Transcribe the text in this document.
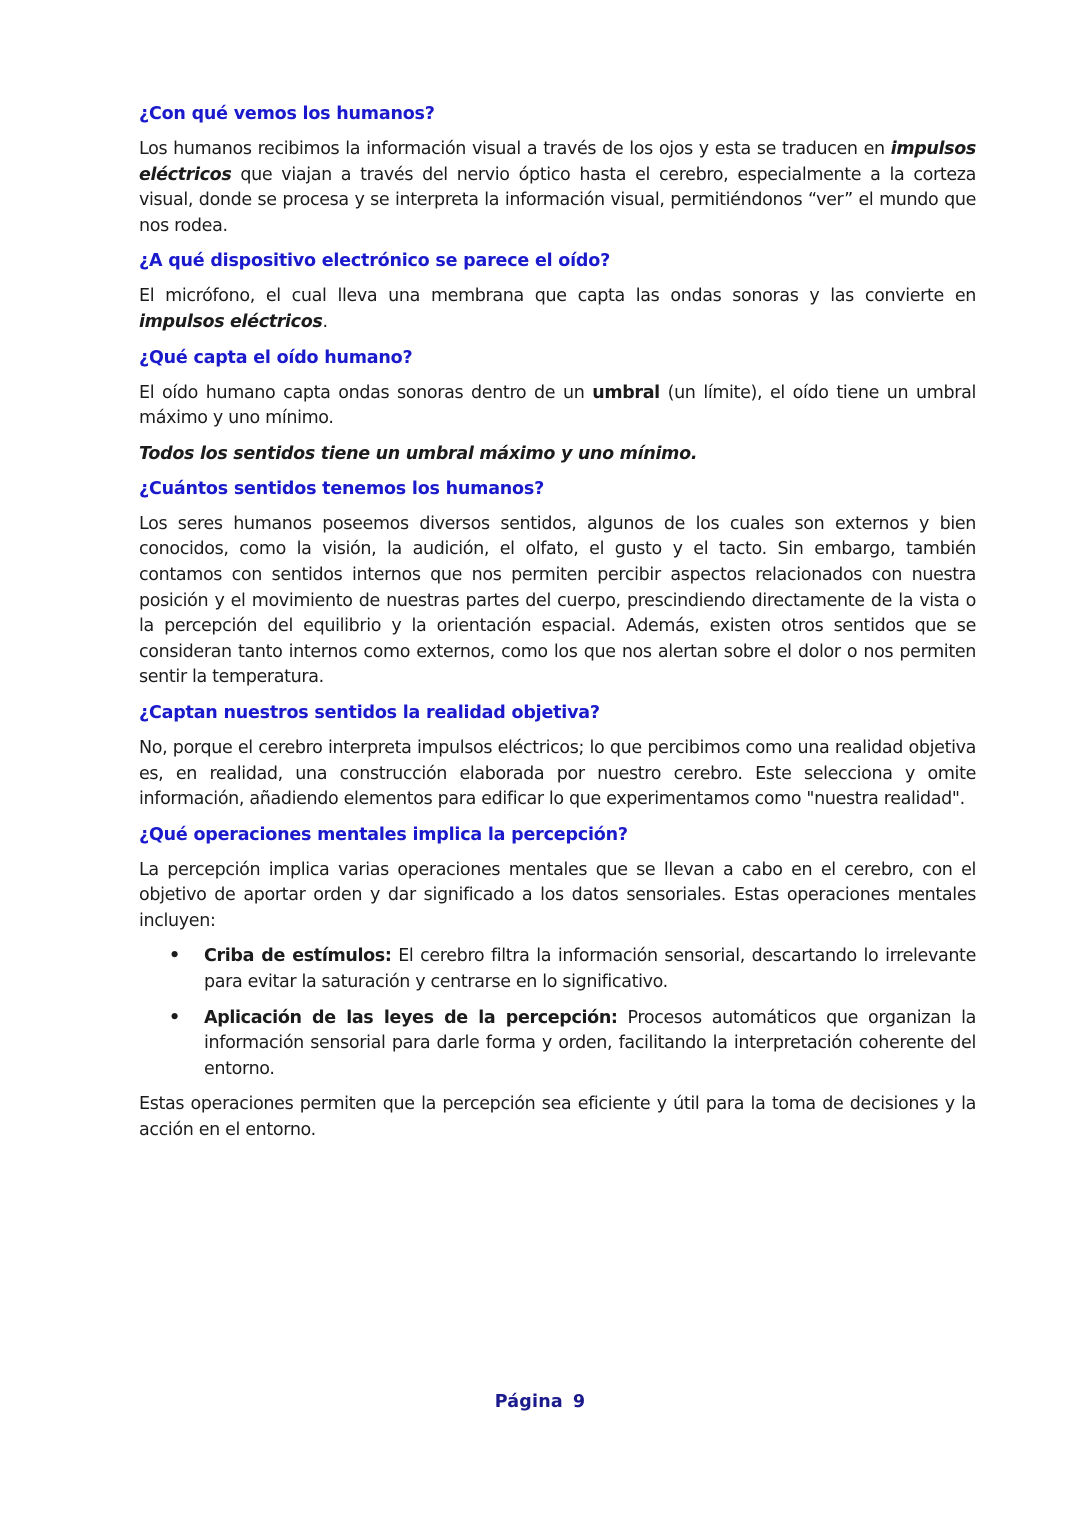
¿Con qué vemos los humanos?
Los humanos recibimos la información visual a través de los ojos y esta se traducen en impulsos eléctricos que viajan a través del nervio óptico hasta el cerebro, especialmente a la corteza visual, donde se procesa y se interpreta la información visual, permitiéndonos “ver” el mundo que nos rodea.
¿A qué dispositivo electrónico se parece el oído?
El micrófono, el cual lleva una membrana que capta las ondas sonoras y las convierte en impulsos eléctricos.
¿Qué capta el oído humano?
El oído humano capta ondas sonoras dentro de un umbral (un límite), el oído tiene un umbral máximo y uno mínimo.
Todos los sentidos tiene un umbral máximo y uno mínimo.
¿Cuántos sentidos tenemos los humanos?
Los seres humanos poseemos diversos sentidos, algunos de los cuales son externos y bien conocidos, como la visión, la audición, el olfato, el gusto y el tacto. Sin embargo, también contamos con sentidos internos que nos permiten percibir aspectos relacionados con nuestra posición y el movimiento de nuestras partes del cuerpo, prescindiendo directamente de la vista o la percepción del equilibrio y la orientación espacial. Además, existen otros sentidos que se consideran tanto internos como externos, como los que nos alertan sobre el dolor o nos permiten sentir la temperatura.
¿Captan nuestros sentidos la realidad objetiva?
No, porque el cerebro interpreta impulsos eléctricos; lo que percibimos como una realidad objetiva es, en realidad, una construcción elaborada por nuestro cerebro. Este selecciona y omite información, añadiendo elementos para edificar lo que experimentamos como "nuestra realidad".
¿Qué operaciones mentales implica la percepción?
La percepción implica varias operaciones mentales que se llevan a cabo en el cerebro, con el objetivo de aportar orden y dar significado a los datos sensoriales. Estas operaciones mentales incluyen:
• Criba de estímulos: El cerebro filtra la información sensorial, descartando lo irrelevante para evitar la saturación y centrarse en lo significativo.
• Aplicación de las leyes de la percepción: Procesos automáticos que organizan la información sensorial para darle forma y orden, facilitando la interpretación coherente del entorno.
Estas operaciones permiten que la percepción sea eficiente y útil para la toma de decisiones y la acción en el entorno.
Página 9
